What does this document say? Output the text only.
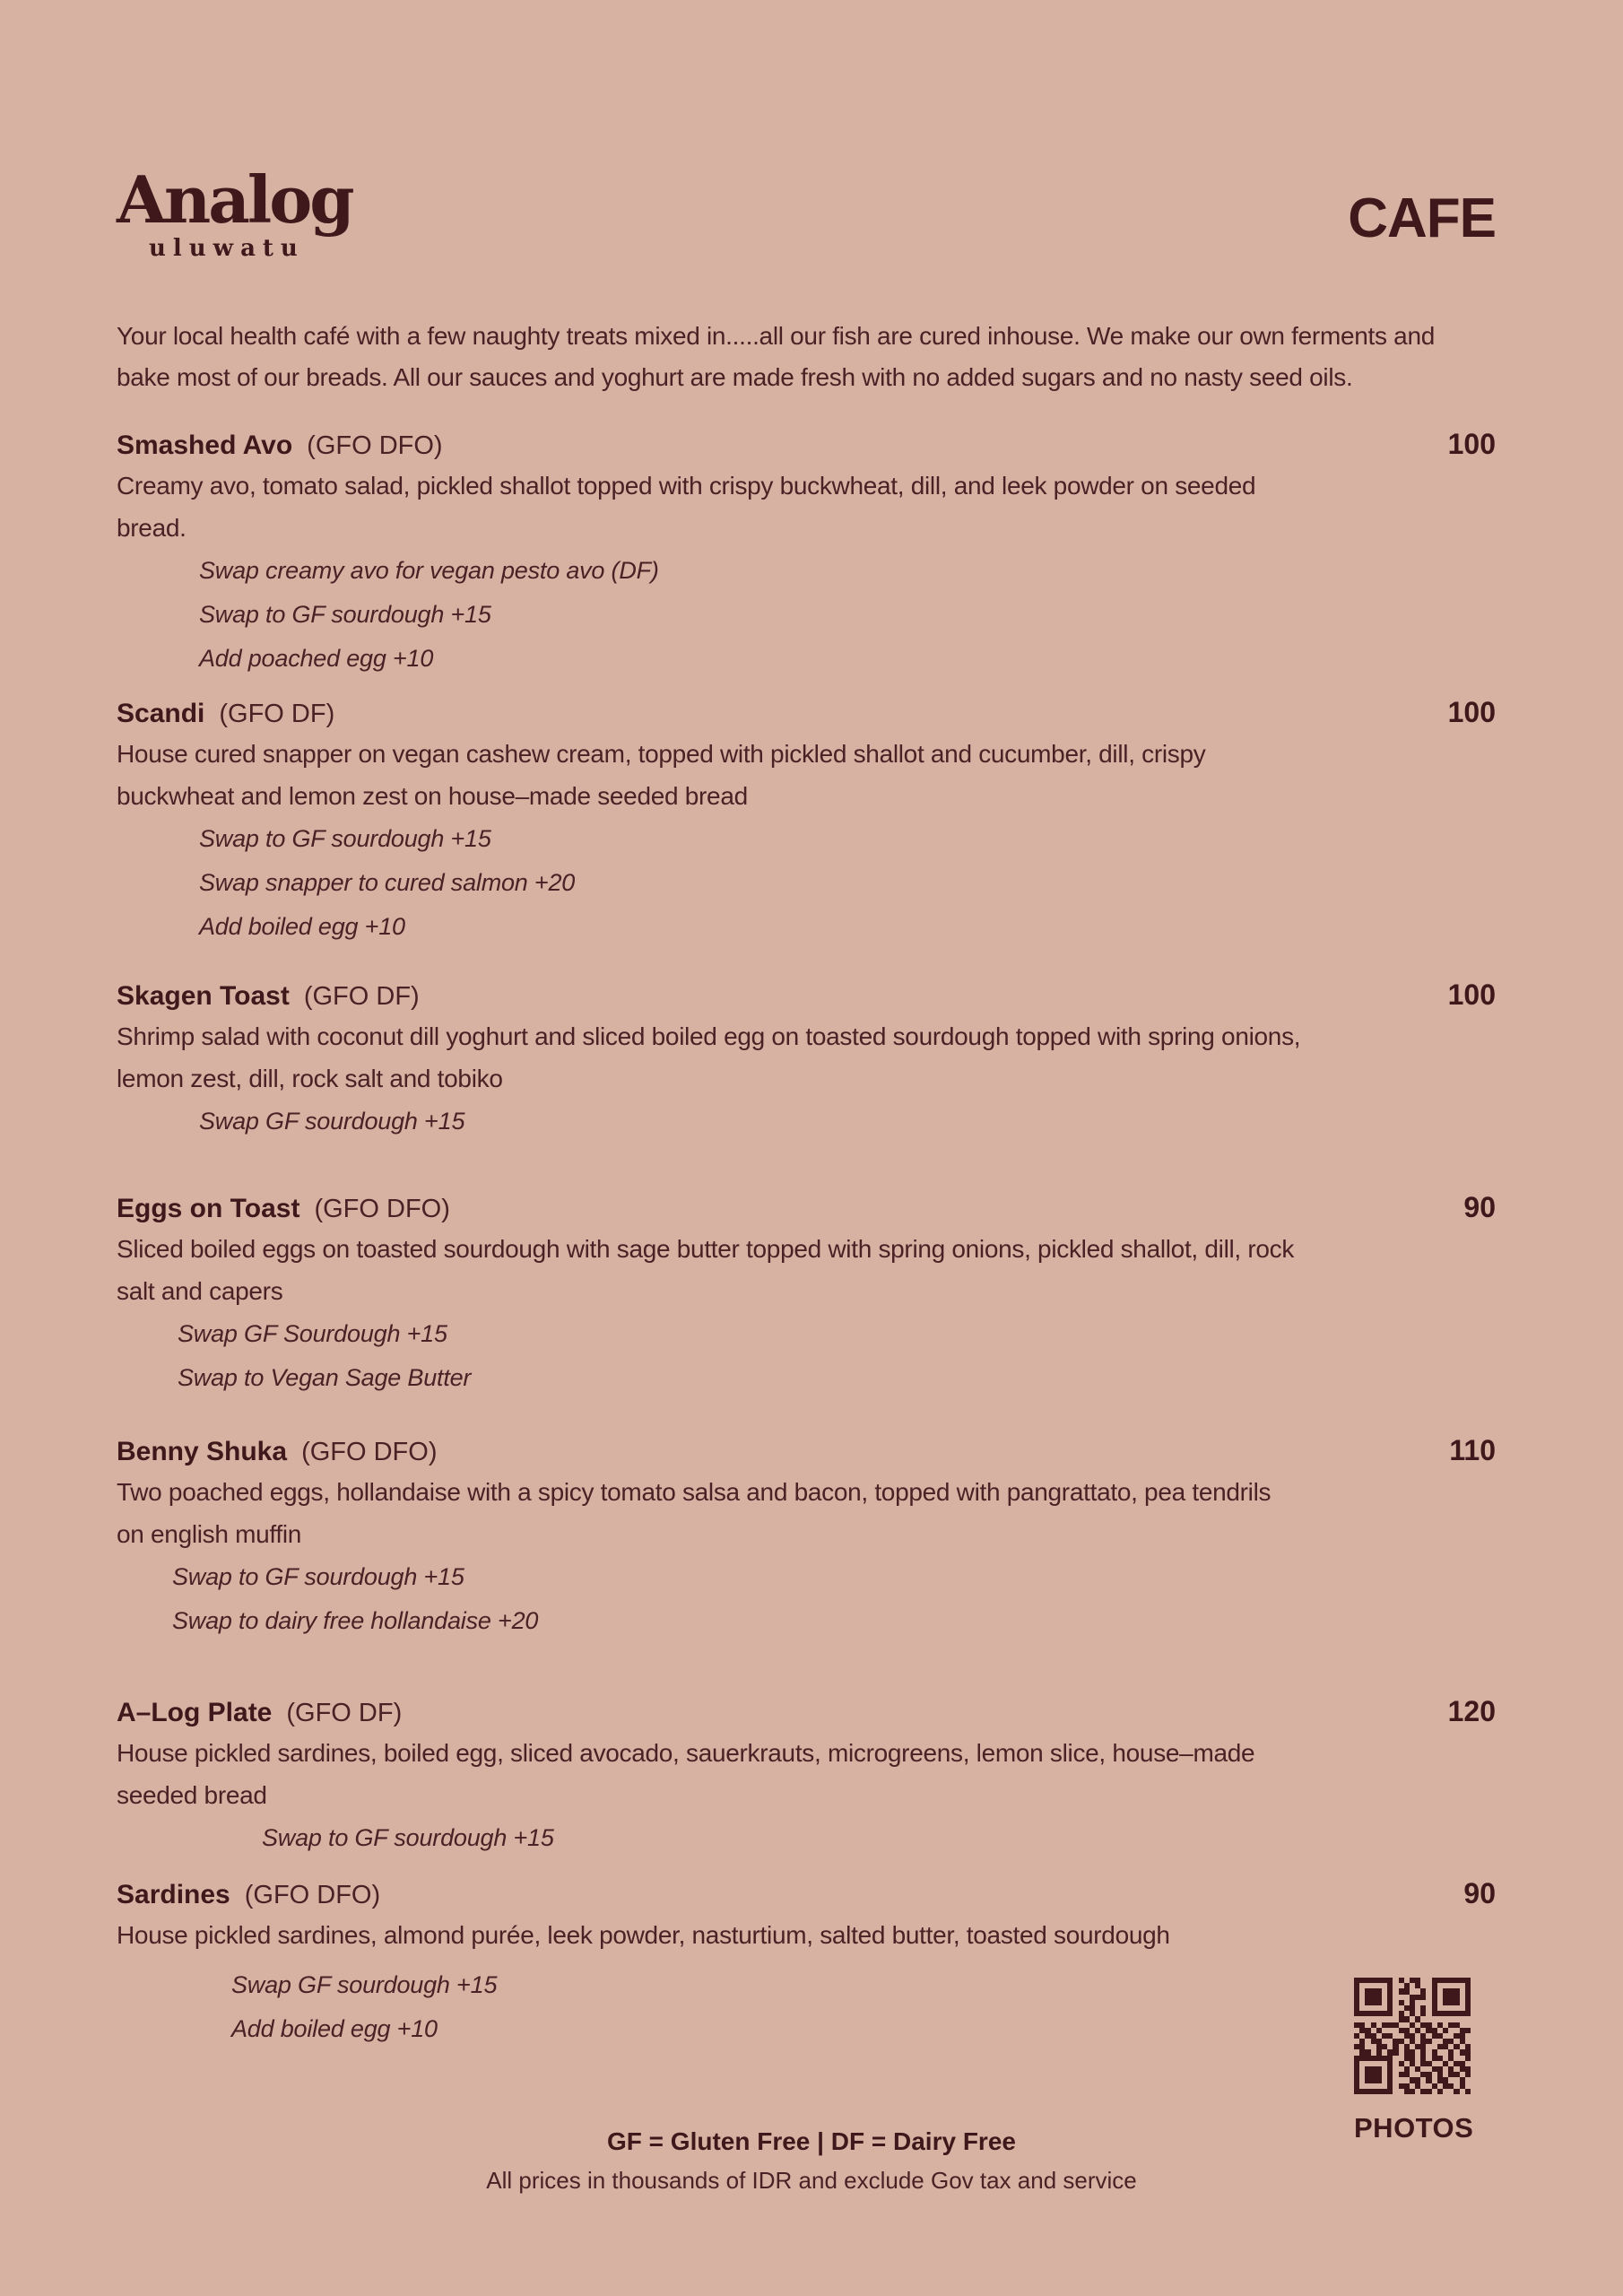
Analog
uluwatu	CAFE
Your local health café with a few naughty treats mixed in.....all our fish are cured inhouse. We make our own ferments and
bake most of our breads. All our sauces and yoghurt are made fresh with no added sugars and no nasty seed oils.
Smashed Avo (GFO DFO)	100
Creamy avo, tomato salad, pickled shallot topped with crispy buckwheat, dill, and leek powder on seeded
bread.
Swap creamy avo for vegan pesto avo (DF)
Swap to GF sourdough +15
Add poached egg +10
Scandi (GFO DF)	100
House cured snapper on vegan cashew cream, topped with pickled shallot and cucumber, dill, crispy
buckwheat and lemon zest on house–made seeded bread
Swap to GF sourdough +15
Swap snapper to cured salmon +20
Add boiled egg +10
Skagen Toast (GFO DF)	100
Shrimp salad with coconut dill yoghurt and sliced boiled egg on toasted sourdough topped with spring onions,
lemon zest, dill, rock salt and tobiko
Swap GF sourdough +15
Eggs on Toast (GFO DFO)	90
Sliced boiled eggs on toasted sourdough with sage butter topped with spring onions, pickled shallot, dill, rock
salt and capers
Swap GF Sourdough +15
Swap to Vegan Sage Butter
Benny Shuka (GFO DFO)	110
Two poached eggs, hollandaise with a spicy tomato salsa and bacon, topped with pangrattato, pea tendrils
on english muffin
Swap to GF sourdough +15
Swap to dairy free hollandaise +20
A–Log Plate (GFO DF)	120
House pickled sardines, boiled egg, sliced avocado, sauerkrauts, microgreens, lemon slice, house–made
seeded bread
Swap to GF sourdough +15
Sardines (GFO DFO)	90
House pickled sardines, almond purée, leek powder, nasturtium, salted butter, toasted sourdough
Swap GF sourdough +15
Add boiled egg +10
PHOTOS
GF = Gluten Free | DF = Dairy Free
All prices in thousands of IDR and exclude Gov tax and service
